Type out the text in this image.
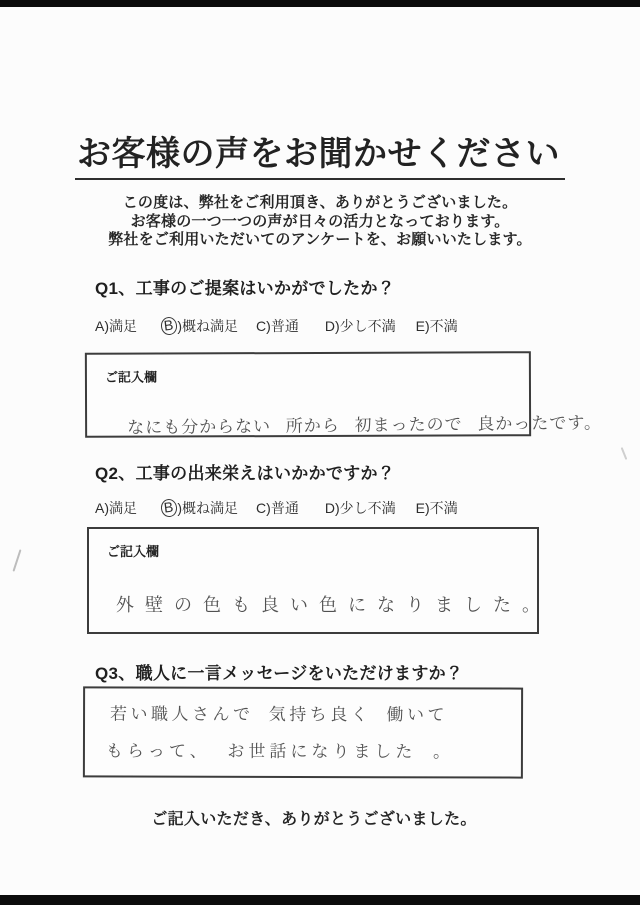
お客様の声をお聞かせください
この度は、弊社をご利用頂き、ありがとうございました。
お客様の一つ一つの声が日々の活力となっております。
弊社をご利用いただいてのアンケートを、お願いいたします。
Q1、工事のご提案はいかがでしたか？
A ) 満足 B ) 概ね満足 C ) 普通 D ) 少し不満 E ) 不満
ご記入欄
なにも分からない 所から 初まったので 良かったです。
Q2、工事の出来栄えはいかかですか？
A ) 満足 B ) 概ね満足 C ) 普通 D ) 少し不満 E ) 不満
ご記入欄
外壁の色も良い色になりました。
Q3、職人に一言メッセージをいただけますか？
若い職人さんで 気持ち良く 働いて
もらって、 お世話になりました 。
ご記入いただき、ありがとうございました。
